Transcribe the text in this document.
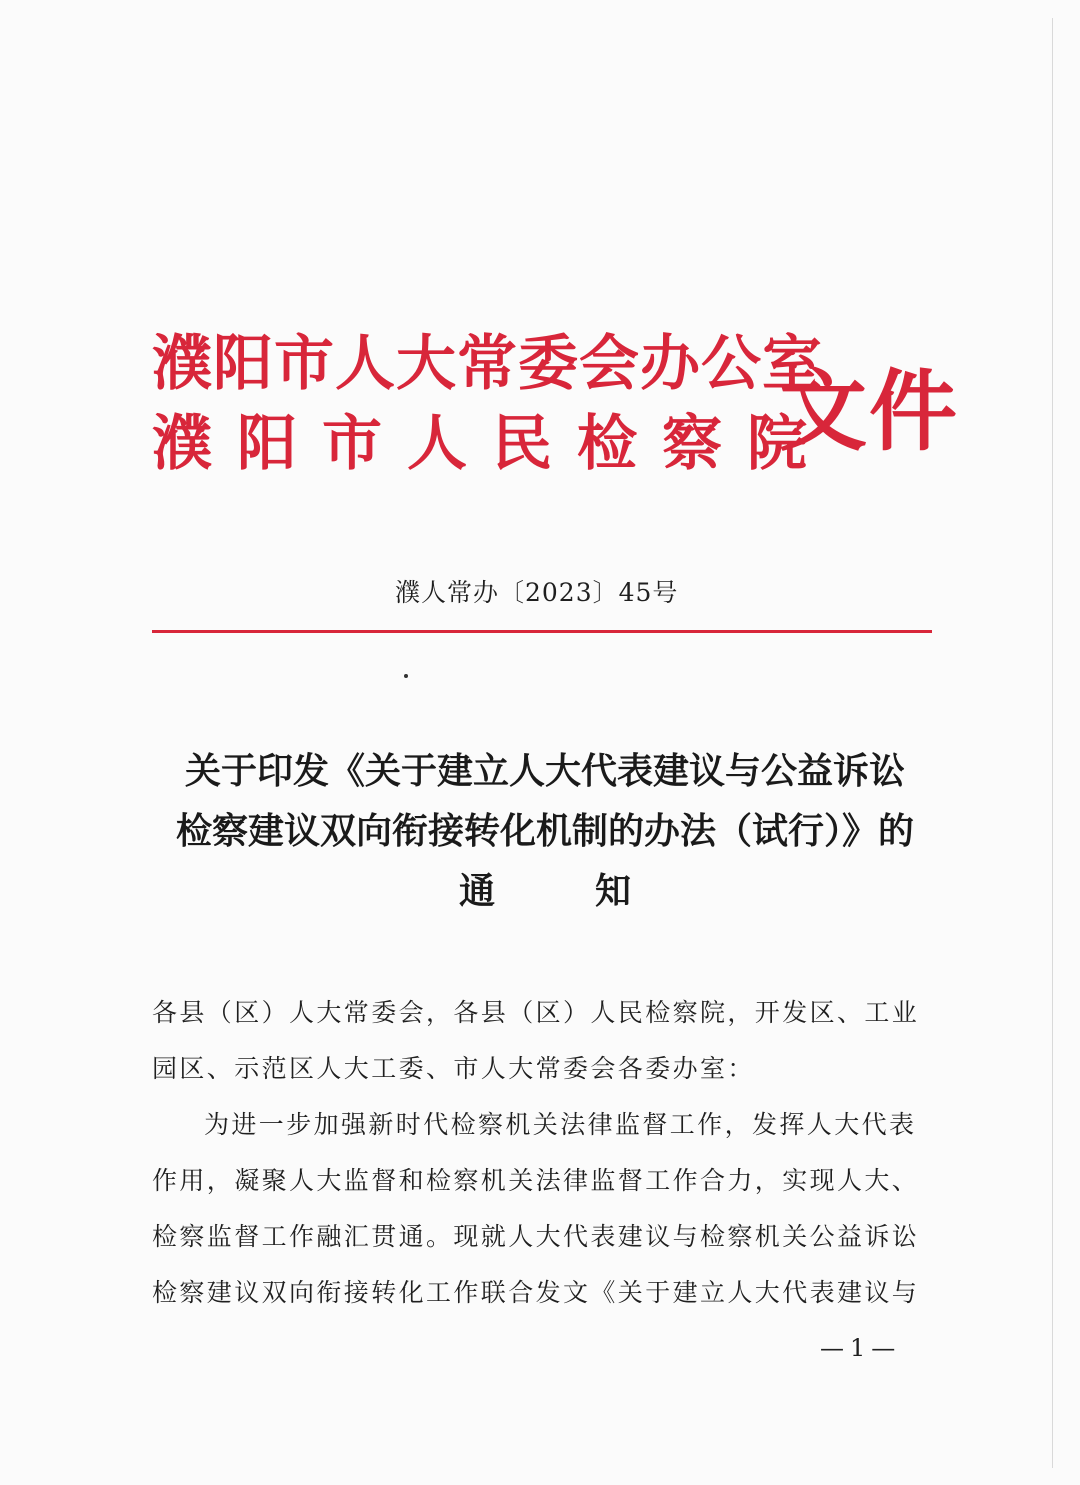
濮阳市人大常委会办公室
濮阳市人民检察院
文件
濮人常办〔2023〕45号
关于印发《关于建立人大代表建议与公益诉讼
检察建议双向衔接转化机制的办法（试行）》的
通知
各县（区）人大常委会，各县（区）人民检察院，开发区、工业
园区、示范区人大工委、市人大常委会各委办室：
为进一步加强新时代检察机关法律监督工作，发挥人大代表
作用，凝聚人大监督和检察机关法律监督工作合力，实现人大、
检察监督工作融汇贯通。现就人大代表建议与检察机关公益诉讼
检察建议双向衔接转化工作联合发文《关于建立人大代表建议与
—1—
